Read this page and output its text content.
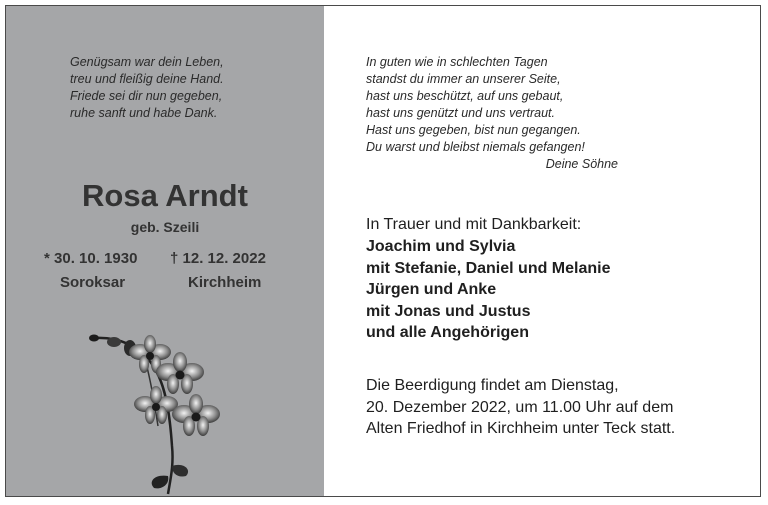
Genügsam war dein Leben,
treu und fleißig deine Hand.
Friede sei dir nun gegeben,
ruhe sanft und habe Dank.
Rosa Arndt
geb. Szeili
* 30. 10. 1930 † 12. 12. 2022
Soroksar	Kirchheim
In guten wie in schlechten Tagen
standst du immer an unserer Seite,
hast uns beschützt, auf uns gebaut,
hast uns genützt und uns vertraut.
Hast uns gegeben, bist nun gegangen.
Du warst und bleibst niemals gefangen!
Deine Söhne
In Trauer und mit Dankbarkeit:
Joachim und Sylvia
mit Stefanie, Daniel und Melanie
Jürgen und Anke
mit Jonas und Justus
und alle Angehörigen
Die Beerdigung findet am Dienstag,
20. Dezember 2022, um 11.00 Uhr auf dem
Alten Friedhof in Kirchheim unter Teck statt.
